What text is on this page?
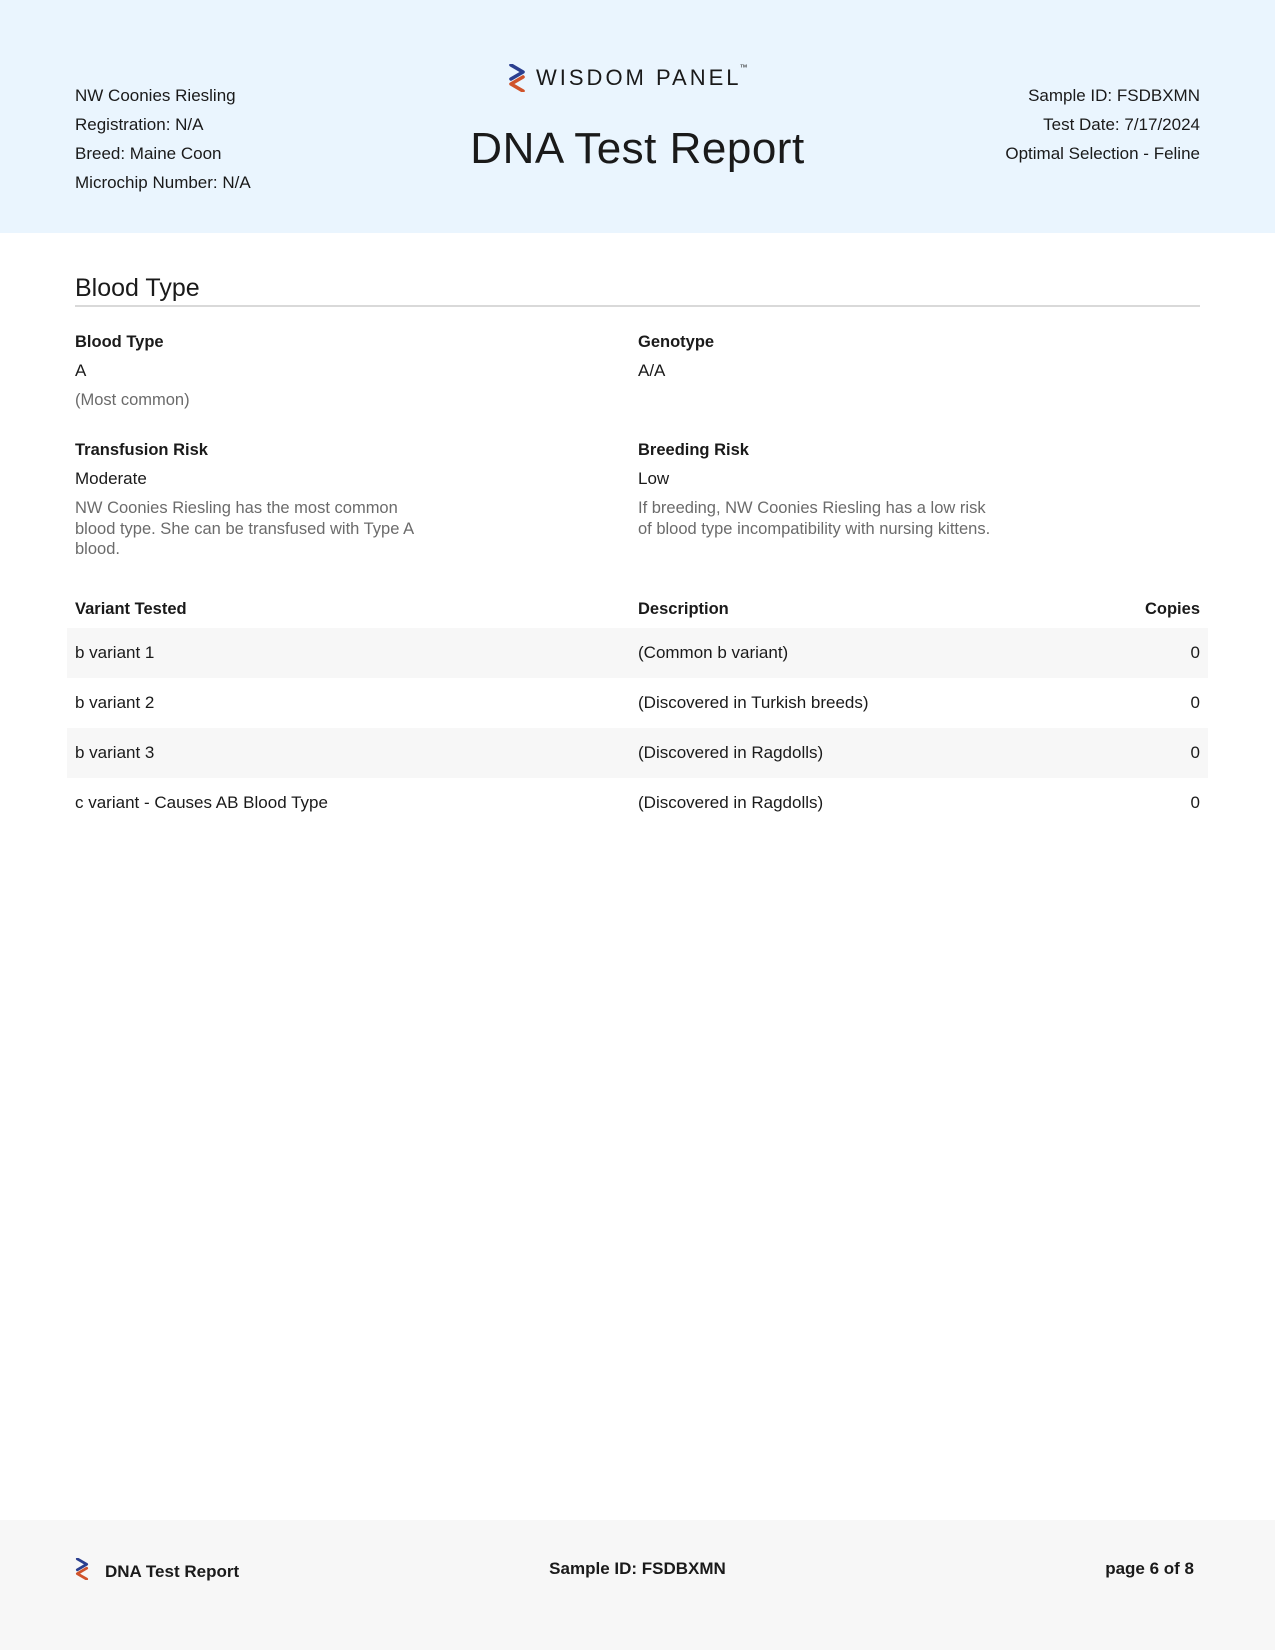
NW Coonies Riesling
Registration: N/A
Breed: Maine Coon
Microchip Number: N/A
WISDOM PANEL™
DNA Test Report
Sample ID: FSDBXMN
Test Date: 7/17/2024
Optimal Selection - Feline
Blood Type
Blood Type
A
(Most common)
Genotype
A/A
Transfusion Risk
Moderate
NW Coonies Riesling has the most common blood type. She can be transfused with Type A blood.
Breeding Risk
Low
If breeding, NW Coonies Riesling has a low risk of blood type incompatibility with nursing kittens.
Variant Tested	Description	Copies
b variant 1	(Common b variant)	0
b variant 2	(Discovered in Turkish breeds)	0
b variant 3	(Discovered in Ragdolls)	0
c variant - Causes AB Blood Type	(Discovered in Ragdolls)	0
DNA Test Report	Sample ID: FSDBXMN	page 6 of 8
